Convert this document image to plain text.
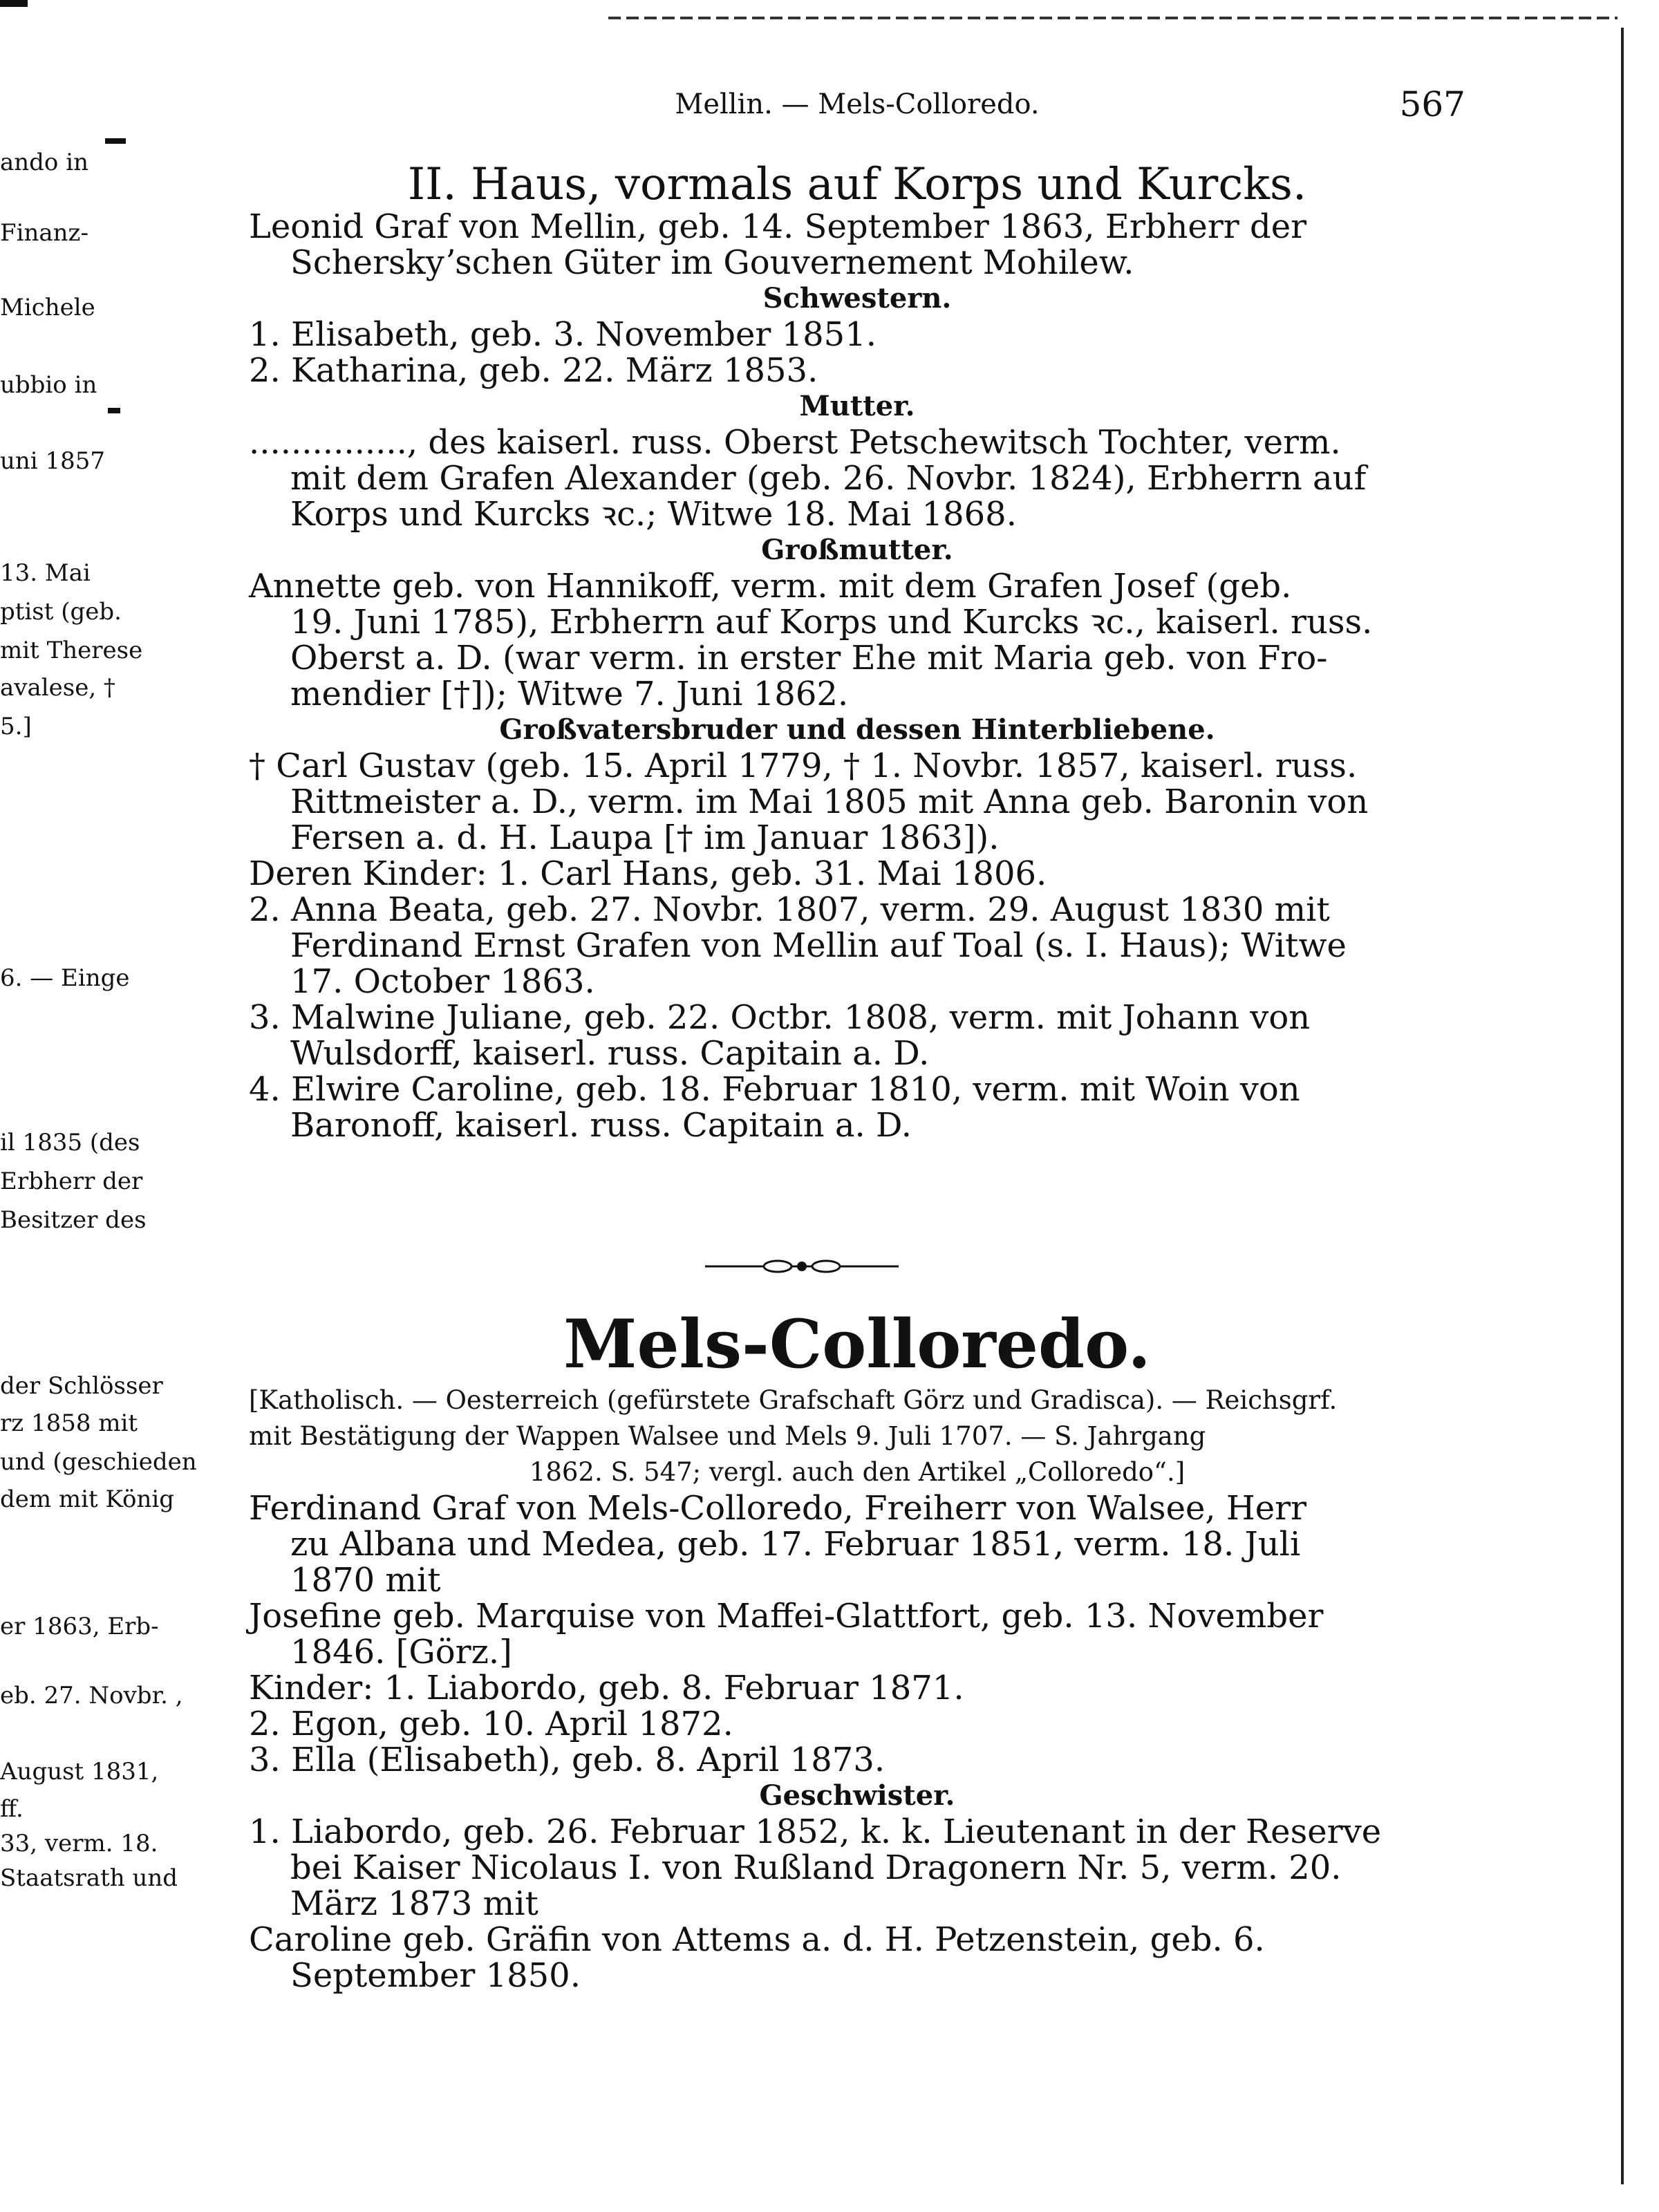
ando in
Finanz-
Michele
ubbio in
uni 1857
13. Mai
ptist (geb.
mit Therese
avalese, †
5.]
6. — Einge
il 1835 (des
Erbherr der
Besitzer des
der Schlösser
rz 1858 mit
und (geschieden
dem mit König
er 1863, Erb-
eb. 27. Novbr. ,
August 1831,
ff.
33, verm. 18.
Staatsrath und
Mellin. — Mels-Colloredo.	567
II. Haus, vormals auf Korps und Kurcks.
Leonid Graf von Mellin, geb. 14. September 1863, Erbherr der
Scherskyʼschen Güter im Gouvernement Mohilew.
Schwestern.
1. Elisabeth, geb. 3. November 1851.
2. Katharina, geb. 22. März 1853.
Mutter.
..............., des kaiserl. russ. Oberst Petschewitsch Tochter, verm.
mit dem Grafen Alexander (geb. 26. Novbr. 1824), Erbherrn auf
Korps und Kurcks ꝛc.; Witwe 18. Mai 1868.
Großmutter.
Annette geb. von Hannikoff, verm. mit dem Grafen Josef (geb.
19. Juni 1785), Erbherrn auf Korps und Kurcks ꝛc., kaiserl. russ.
Oberst a. D. (war verm. in erster Ehe mit Maria geb. von Fro-
mendier [†]); Witwe 7. Juni 1862.
Großvatersbruder und dessen Hinterbliebene.
† Carl Gustav (geb. 15. April 1779, † 1. Novbr. 1857, kaiserl. russ.
Rittmeister a. D., verm. im Mai 1805 mit Anna geb. Baronin von
Fersen a. d. H. Laupa [† im Januar 1863]).
Deren Kinder: 1. Carl Hans, geb. 31. Mai 1806.
2. Anna Beata, geb. 27. Novbr. 1807, verm. 29. August 1830 mit
Ferdinand Ernst Grafen von Mellin auf Toal (s. I. Haus); Witwe
17. October 1863.
3. Malwine Juliane, geb. 22. Octbr. 1808, verm. mit Johann von
Wulsdorff, kaiserl. russ. Capitain a. D.
4. Elwire Caroline, geb. 18. Februar 1810, verm. mit Woin von
Baronoff, kaiserl. russ. Capitain a. D.
Mels-Colloredo.
[Katholisch. — Oesterreich (gefürstete Grafschaft Görz und Gradisca). — Reichsgrf.
mit Bestätigung der Wappen Walsee und Mels 9. Juli 1707. — S. Jahrgang
1862. S. 547; vergl. auch den Artikel „Colloredo“.]
Ferdinand Graf von Mels-Colloredo, Freiherr von Walsee, Herr
zu Albana und Medea, geb. 17. Februar 1851, verm. 18. Juli
1870 mit
Josefine geb. Marquise von Maffei-Glattfort, geb. 13. November
1846. [Görz.]
Kinder: 1. Liabordo, geb. 8. Februar 1871.
2. Egon, geb. 10. April 1872.
3. Ella (Elisabeth), geb. 8. April 1873.
Geschwister.
1. Liabordo, geb. 26. Februar 1852, k. k. Lieutenant in der Reserve
bei Kaiser Nicolaus I. von Rußland Dragonern Nr. 5, verm. 20.
März 1873 mit
Caroline geb. Gräfin von Attems a. d. H. Petzenstein, geb. 6.
September 1850.
